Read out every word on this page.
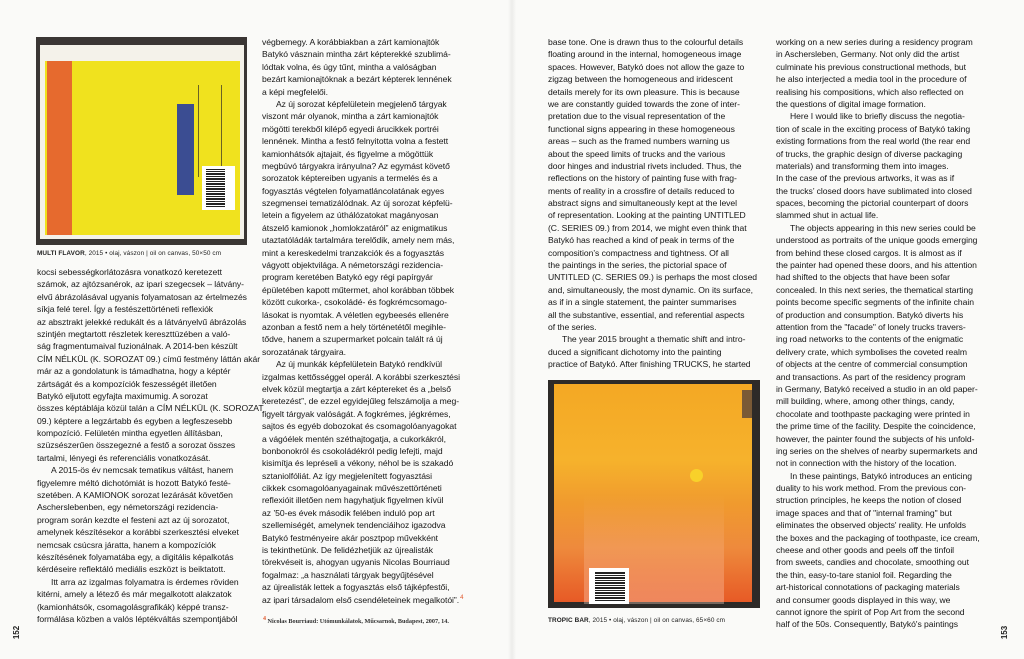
MULTI FLAVOR, 2015 • olaj, vászon | oil on canvas, 50×50 cm
TROPIC BAR, 2015 • olaj, vászon | oil on canvas, 65×60 cm
kocsi sebességkorlátozásra vonatkozó keretezett
számok, az ajtózsanérok, az ipari szegecsek – látvány-
elvű ábrázolásával ugyanis folyamatosan az értelmezés
síkja felé terel. Így a festészettörténeti reflexiók
az absztrakt jelekké redukált és a látványelvű ábrázolás
szintjén megtartott részletek kereszttüzében a való-
ság fragmentumaival fuzionálnak. A 2014-ben készült
CÍM NÉLKÜL (K. SOROZAT 09.) című festmény láttán akár
már az a gondolatunk is támadhatna, hogy a képtér
zártságát és a kompozíciók feszességét illetően
Batykó eljutott egyfajta maximumig. A sorozat
összes képtáblája közül talán a CÍM NÉLKÜL (K. SOROZAT
09.) képtere a legzártabb és egyben a legfeszesebb
kompozíció. Felületén mintha egyetlen állításban,
szüzsészerűen összegezné a festő a sorozat összes
tartalmi, lényegi és referenciális vonatkozását.
A 2015-ös év nemcsak tematikus váltást, hanem
figyelemre méltó dichotómiát is hozott Batykó festé-
szetében. A KAMIONOK sorozat lezárását követően
Ascherslebenben, egy németországi rezidencia-
program során kezdte el festeni azt az új sorozatot,
amelynek készítésekor a korábbi szerkesztési elveket
nemcsak csúcsra járatta, hanem a kompozíciók
készítésének folyamatába egy, a digitális képalkotás
kérdéseire reflektáló mediális eszközt is beiktatott.
Itt arra az izgalmas folyamatra is érdemes röviden
kitérni, amely a létező és már megalkotott alakzatok
(kamionhátsók, csomagolásgrafikák) képpé transz-
formálása közben a valós léptékváltás szempontjából
végbemegy. A korábbiakban a zárt kamionajtók
Batykó vásznain mintha zárt képterekké szublimá-
lódtak volna, és úgy tűnt, mintha a valóságban
bezárt kamionajtóknak a bezárt képterek lennének
a képi megfelelői.
Az új sorozat képfelületein megjelenő tárgyak
viszont már olyanok, mintha a zárt kamionajtók
mögötti terekből kilépő egyedi árucikkek portréi
lennének. Mintha a festő felnyitotta volna a festett
kamionhátsók ajtajait, és figyelme a mögöttük
megbúvó tárgyakra irányulna? Az egymást követő
sorozatok képtereiben ugyanis a termelés és a
fogyasztás végtelen folyamatláncolatának egyes
szegmensei tematizálódnak. Az új sorozat képfelü-
letein a figyelem az úthálózatokat magányosan
átszelő kamionok „homlokzatáról” az enigmatikus
utaztatóládák tartalmára terelődik, amely nem más,
mint a kereskedelmi tranzakciók és a fogyasztás
vágyott objektvilága. A németországi rezidencia-
program keretében Batykó egy régi papírgyár
épületében kapott műtermet, ahol korábban többek
között cukorka-, csokoládé- és fogkrémcsomago-
lásokat is nyomtak. A véletlen egybeesés ellenére
azonban a festő nem a hely történetétől megihle-
tődve, hanem a szupermarket polcain talált rá új
sorozatának tárgyaira.
Az új munkák képfelületein Batykó rendkívül
izgalmas kettősséggel operál. A korábbi szerkesztési
elvek közül megtartja a zárt képtereket és a „belső
keretezést”, de ezzel egyidejűleg felszámolja a meg-
figyelt tárgyak valóságát. A fogkrémes, jégkrémes,
sajtos és egyéb dobozokat és csomagolóanyagokat
a vágóélek mentén széthajtogatja, a cukorkákról,
bonbonokról és csokoládékról pedig lefejti, majd
kisimítja és lepréseli a vékony, néhol be is szakadó
sztaniolfóliát. Az így megjelenített fogyasztási
cikkek csomagolóanyagainak művészettörténeti
reflexióit illetően nem hagyhatjuk figyelmen kívül
az ’50-es évek második felében induló pop art
szellemiségét, amelynek tendenciáihoz igazodva
Batykó festményeire akár posztpop művekként
is tekinthetünk. De felidézhetjük az újrealisták
törekvéseit is, ahogyan ugyanis Nicolas Bourriaud
fogalmaz: „a használati tárgyak begyűjtésével
az újrealisták lettek a fogyasztás első tájképfestői,
az ipari társadalom első csendéleteinek megalkotói”.$^4$
base tone. One is drawn thus to the colourful details
floating around in the internal, homogeneous image
spaces. However, Batykó does not allow the gaze to
zigzag between the homogeneous and iridescent
details merely for its own pleasure. This is because
we are constantly guided towards the zone of inter-
pretation due to the visual representation of the
functional signs appearing in these homogeneous
areas – such as the framed numbers warning us
about the speed limits of trucks and the various
door hinges and industrial rivets included. Thus, the
reflections on the history of painting fuse with frag-
ments of reality in a crossfire of details reduced to
abstract signs and simultaneously kept at the level
of representation. Looking at the painting UNTITLED
(C. SERIES 09.) from 2014, we might even think that
Batykó has reached a kind of peak in terms of the
composition’s compactness and tightness. Of all
the paintings in the series, the pictorial space of
UNTITLED (C. SERIES 09.) is perhaps the most closed
and, simultaneously, the most dynamic. On its surface,
as if in a single statement, the painter summarises
all the substantive, essential, and referential aspects
of the series.
The year 2015 brought a thematic shift and intro-
duced a significant dichotomy into the painting
practice of Batykó. After finishing TRUCKS, he started
working on a new series during a residency program
in Aschersleben, Germany. Not only did the artist
culminate his previous constructional methods, but
he also interjected a media tool in the procedure of
realising his compositions, which also reflected on
the questions of digital image formation.
Here I would like to briefly discuss the negotia-
tion of scale in the exciting process of Batykó taking
existing formations from the real world (the rear end
of trucks, the graphic design of diverse packaging
materials) and transforming them into images.
In the case of the previous artworks, it was as if
the trucks’ closed doors have sublimated into closed
spaces, becoming the pictorial counterpart of doors
slammed shut in actual life.
The objects appearing in this new series could be
understood as portraits of the unique goods emerging
from behind these closed cargos. It is almost as if
the painter had opened these doors, and his attention
had shifted to the objects that have been sofar
concealed. In this next series, the thematical starting
points become specific segments of the infinite chain
of production and consumption. Batykó diverts his
attention from the "facade" of lonely trucks travers-
ing road networks to the contents of the enigmatic
delivery crate, which symbolises the coveted realm
of objects at the centre of commercial consumption
and transactions. As part of the residency program
in Germany, Batykó received a studio in an old paper-
mill building, where, among other things, candy,
chocolate and toothpaste packaging were printed in
the prime time of the facility. Despite the coincidence,
however, the painter found the subjects of his unfold-
ing series on the shelves of nearby supermarkets and
not in connection with the history of the location.
In these paintings, Batykó introduces an enticing
duality to his work method. From the previous con-
struction principles, he keeps the notion of closed
image spaces and that of "internal framing" but
eliminates the observed objects' reality. He unfolds
the boxes and the packaging of toothpaste, ice cream,
cheese and other goods and peels off the tinfoil
from sweets, candies and chocolate, smoothing out
the thin, easy-to-tare staniol foil. Regarding the
art-historical connotations of packaging materials
and consumer goods displayed in this way, we
cannot ignore the spirit of Pop Art from the second
half of the 50s. Consequently, Batykó's paintings
4 Nicolas Bourriaud: Utómunkálatok, Műcsarnok, Budapest, 2007, 14.
152	153
